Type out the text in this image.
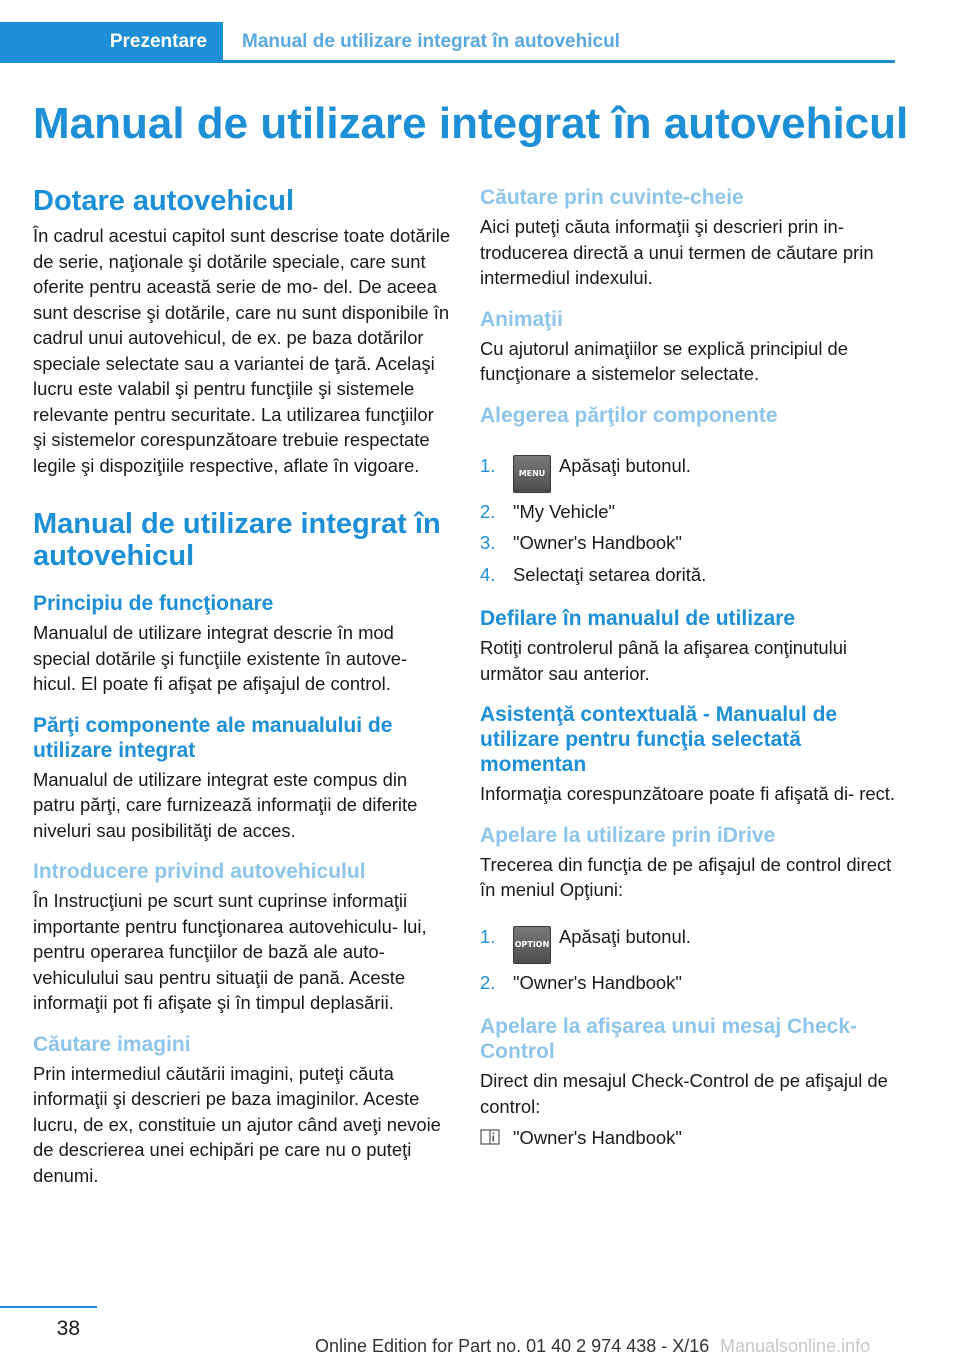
Prezentare	Manual de utilizare integrat în autovehicul
Manual de utilizare integrat în autovehicul
Dotare autovehicul

În cadrul acestui capitol sunt descrise toate dotările de serie, naţionale şi dotările speciale, care sunt oferite pentru această serie de mo- del. De aceea sunt descrise şi dotările, care nu sunt disponibile în cadrul unui autovehicul, de ex. pe baza dotărilor speciale selectate sau a variantei de ţară. Acelaşi lucru este valabil şi pentru funcţiile şi sistemele relevante pentru securitate. La utilizarea funcţiilor şi sistemelor corespunzătoare trebuie respectate legile şi dispoziţiile respective, aflate în vigoare.

Manual de utilizare integrat în autovehicul
Principiu de funcţionare

Manualul de utilizare integrat descrie în mod special dotările şi funcţiile existente în autove- hicul. El poate fi afişat pe afişajul de control.

Părţi componente ale manualului de utilizare integrat

Manualul de utilizare integrat este compus din patru părţi, care furnizează informaţii de diferite niveluri sau posibilităţi de acces.

Introducere privind autovehiculul

În Instrucţiuni pe scurt sunt cuprinse informaţii importante pentru funcţionarea autovehiculu- lui, pentru operarea funcţiilor de bază ale auto- vehiculului sau pentru situaţii de pană. Aceste informaţii pot fi afişate şi în timpul deplasării.

Căutare imagini

Prin intermediul căutării imagini, puteţi căuta informaţii şi descrieri pe baza imaginilor. Aceste lucru, de ex, constituie un ajutor când aveţi nevoie de descrierea unei echipări pe care nu o puteţi denumi.

Căutare prin cuvinte-cheie

Aici puteţi căuta informaţii şi descrieri prin in- troducerea directă a unui termen de căutare prin intermediul indexului.

Animaţii

Cu ajutorul animaţiilor se explică principiul de funcţionare a sistemelor selectate.

Alegerea părţilor componente
1.	MENU Apăsaţi butonul.
2. "My Vehicle"
3. "Owner's Handbook"
4. Selectaţi setarea dorită.
Defilare în manualul de utilizare

Rotiţi controlerul până la afişarea conţinutului următor sau anterior.

Asistenţă contextuală - Manualul de utilizare pentru funcţia selectată momentan

Informaţia corespunzătoare poate fi afişată di- rect.

Apelare la utilizare prin iDrive

Trecerea din funcţia de pe afişajul de control direct în meniul Opţiuni:

1. OPTION Apăsaţi butonul.
2. "Owner's Handbook"
Apelare la afişarea unui mesaj Check- Control

Direct din mesajul Check-Control de pe afişajul de control:

"Owner's Handbook"
38
Online Edition for Part no. 01 40 2 974 438 - X/16 Manualsonline.info
